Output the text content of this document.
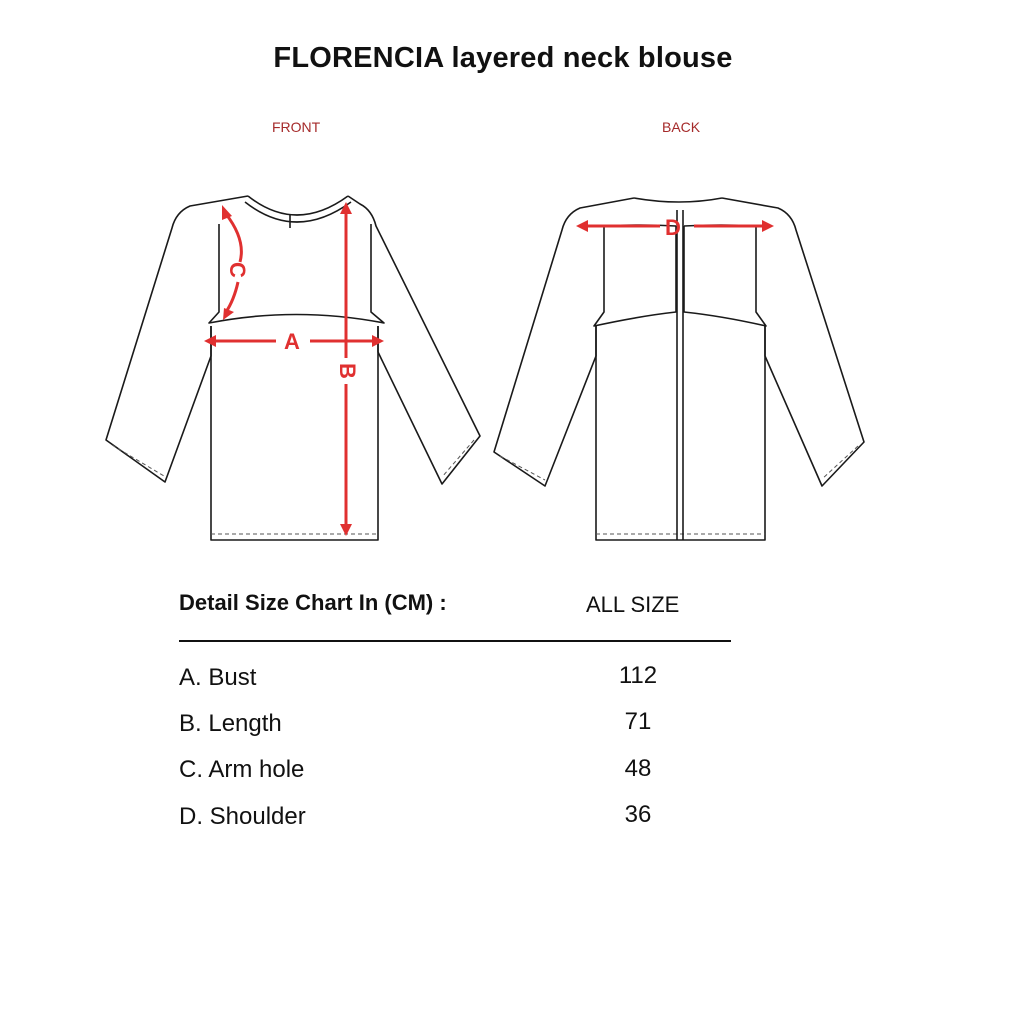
FLORENCIA layered neck blouse
FRONT	BACK
A
B
C
D
Detail Size Chart In (CM) :	ALL SIZE
A. Bust	112
B. Length	71
C. Arm hole	48
D. Shoulder	36
